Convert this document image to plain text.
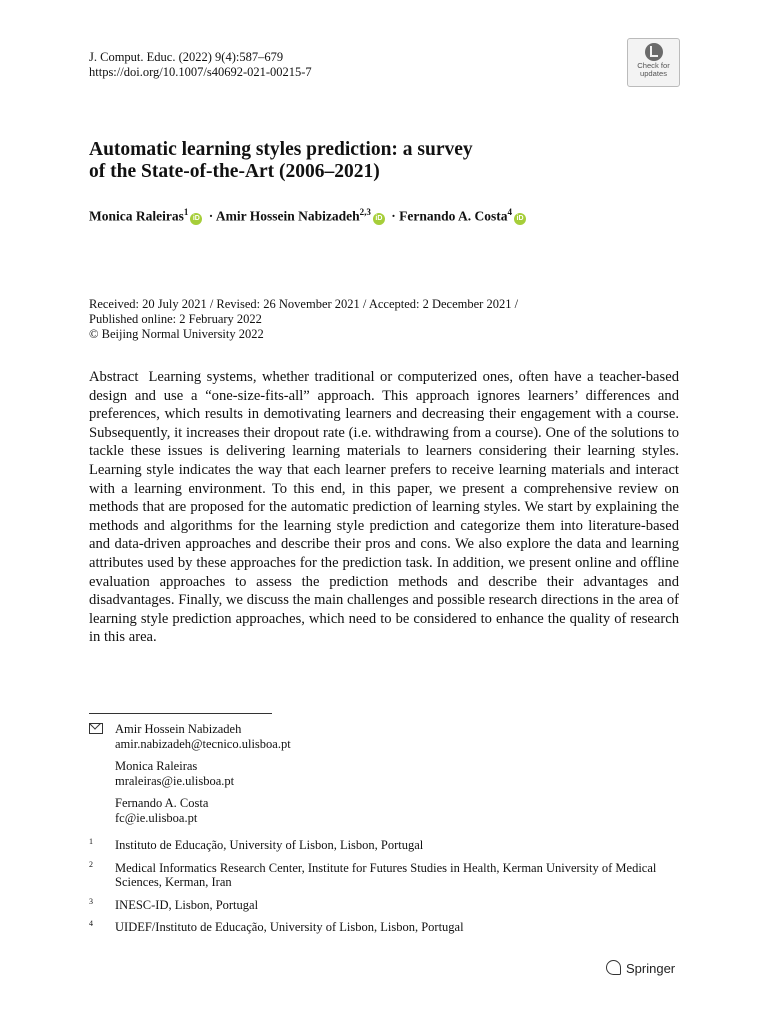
J. Comput. Educ. (2022) 9(4):587–679
https://doi.org/10.1007/s40692-021-00215-7	Check for
updates
Automatic learning styles prediction: a survey
of the State-of-the-Art (2006–2021)
Monica Raleiras$^1$iD · Amir Hossein Nabizadeh$^{2,3}$iD · Fernando A. Costa$^4$iD
Received: 20 July 2021 / Revised: 26 November 2021 / Accepted: 2 December 2021 /
Published online: 2 February 2022
© Beijing Normal University 2022
Abstract Learning systems, whether traditional or computerized ones, often have a teacher-based design and use a “one-size-fits-all” approach. This approach ignores learners’ differences and preferences, which results in demotivating learners and decreasing their engagement with a course. Subsequently, it increases their dropout rate (i.e. withdrawing from a course). One of the solutions to tackle these issues is delivering learning materials to learners considering their learning styles. Learning style indicates the way that each learner prefers to receive learning materials and interact with a learning environment. To this end, in this paper, we present a comprehensive review on methods that are proposed for the automatic prediction of learning styles. We start by explaining the methods and algorithms for the learning style prediction and categorize them into literature-based and data-driven approaches and describe their pros and cons. We also explore the data and learning attributes used by these approaches for the prediction task. In addition, we present online and offline evaluation approaches to assess the prediction methods and describe their advantages and disadvantages. Finally, we discuss the main challenges and possible research directions in the area of learning style prediction approaches, which need to be considered to enhance the quality of research in this area.
Amir Hossein Nabizadeh
amir.nabizadeh@tecnico.ulisboa.pt
Monica Raleiras
mraleiras@ie.ulisboa.pt
Fernando A. Costa
fc@ie.ulisboa.pt
1 Instituto de Educação, University of Lisbon, Lisbon, Portugal
2 Medical Informatics Research Center, Institute for Futures Studies in Health, Kerman University of Medical Sciences, Kerman, Iran
3 INESC-ID, Lisbon, Portugal
4 UIDEF/Instituto de Educação, University of Lisbon, Lisbon, Portugal
Springer
